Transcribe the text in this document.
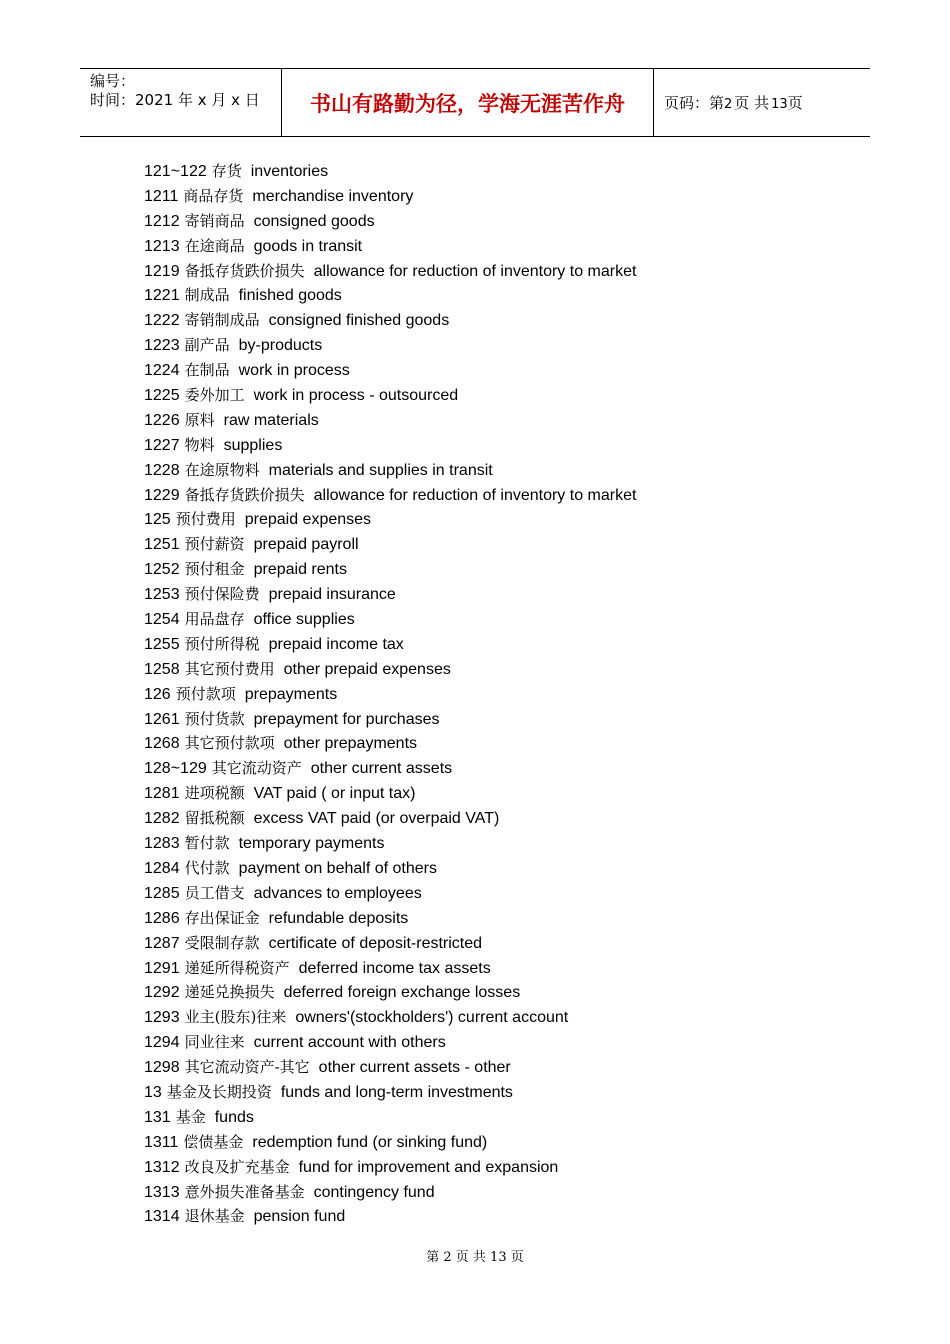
编号：
时间：2021 年 x 月 x 日	书山有路勤为径，学海无涯苦作舟	页码：第2 页 共 13页
121~122 存货 inventories
1211 商品存货 merchandise inventory
1212 寄销商品 consigned goods
1213 在途商品 goods in transit
1219 备抵存货跌价损失 allowance for reduction of inventory to market
1221 制成品 finished goods
1222 寄销制成品 consigned finished goods
1223 副产品 by-products
1224 在制品 work in process
1225 委外加工 work in process - outsourced
1226 原料 raw materials
1227 物料 supplies
1228 在途原物料 materials and supplies in transit
1229 备抵存货跌价损失 allowance for reduction of inventory to market
125 预付费用 prepaid expenses
1251 预付薪资 prepaid payroll
1252 预付租金 prepaid rents
1253 预付保险费 prepaid insurance
1254 用品盘存 office supplies
1255 预付所得税 prepaid income tax
1258 其它预付费用 other prepaid expenses
126 预付款项 prepayments
1261 预付货款 prepayment for purchases
1268 其它预付款项 other prepayments
128~129 其它流动资产 other current assets
1281 进项税额 VAT paid ( or input tax)
1282 留抵税额 excess VAT paid (or overpaid VAT)
1283 暂付款 temporary payments
1284 代付款 payment on behalf of others
1285 员工借支 advances to employees
1286 存出保证金 refundable deposits
1287 受限制存款 certificate of deposit-restricted
1291 递延所得税资产 deferred income tax assets
1292 递延兑换损失 deferred foreign exchange losses
1293 业主(股东)往来 owners'(stockholders') current account
1294 同业往来 current account with others
1298 其它流动资产-其它 other current assets - other
13 基金及长期投资 funds and long-term investments
131 基金 funds
1311 偿债基金 redemption fund (or sinking fund)
1312 改良及扩充基金 fund for improvement and expansion
1313 意外损失准备基金 contingency fund
1314 退休基金 pension fund
第 2 页 共 13 页
